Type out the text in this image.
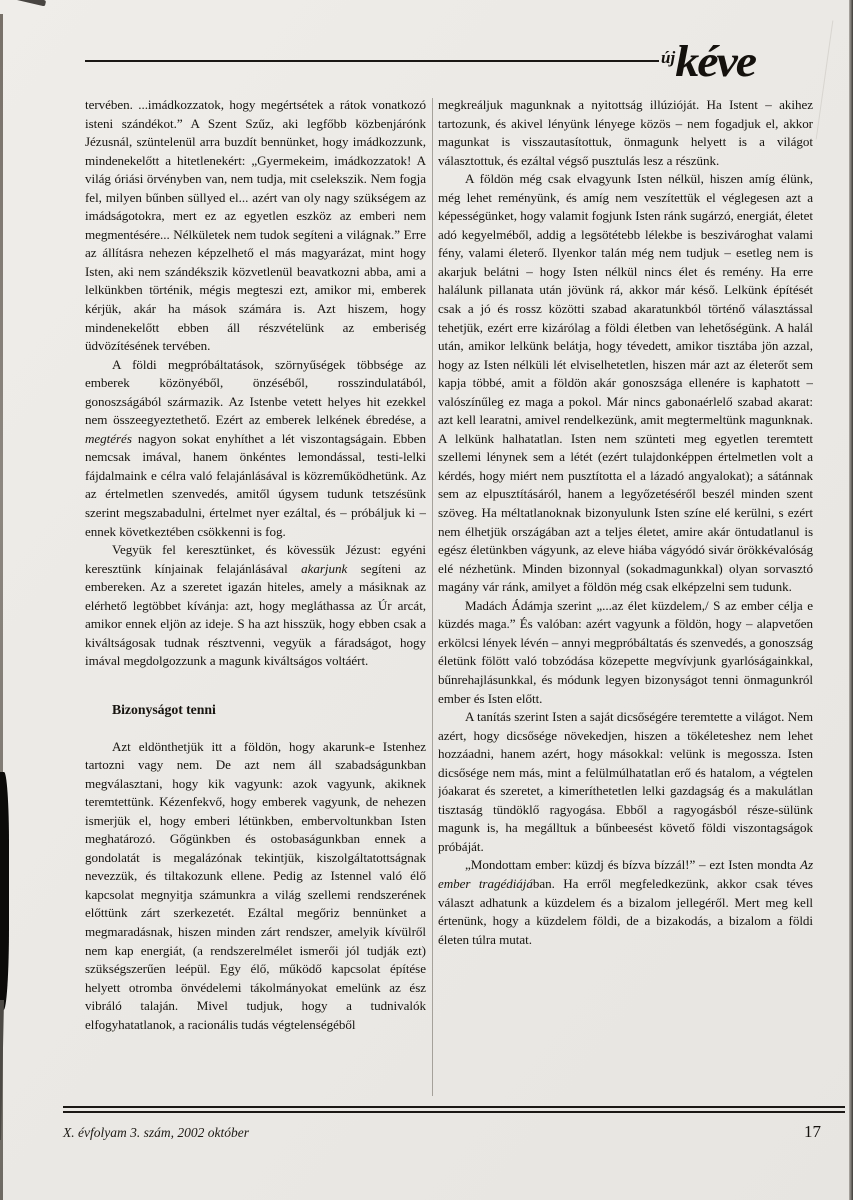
újkéve

tervében. ...imádkozzatok, hogy megértsétek a rátok vonatkozó isteni szándékot.” A Szent Szűz, aki legfőbb közbenjárónk Jézusnál, szüntelenül arra buzdít bennünket, hogy imádkozzunk, mindenekelőtt a hitetlenekért: „Gyermekeim, imádkozzatok! A világ óriási örvényben van, nem tudja, mit cselekszik. Nem fogja fel, milyen bűnben süllyed el... azért van oly nagy szükségem az imádságotokra, mert ez az egyetlen eszköz az emberi nem megmentésére... Nélkületek nem tudok segíteni a világnak.” Erre az állításra nehezen képzelhető el más magyarázat, mint hogy Isten, aki nem szándékszik közvetlenül beavatkozni abba, ami a lelkünkben történik, mégis megteszi ezt, amikor mi, emberek kérjük, akár ha mások számára is. Azt hiszem, hogy mindenekelőtt ebben áll részvételünk az emberiség üdvözítésének tervében.

A földi megpróbáltatások, szörnyűségek többsége az emberek közönyéből, önzéséből, rosszindulatából, gonoszságából származik. Az Istenbe vetett helyes hit ezekkel nem összeegyeztethető. Ezért az emberek lelkének ébredése, a megtérés nagyon sokat enyhíthet a lét viszontagságain. Ebben nemcsak imával, hanem önkéntes lemondással, testi-lelki fájdalmaink e célra való felajánlásával is közreműködhetünk. Az az értelmetlen szenvedés, amitől úgysem tudunk tetszésünk szerint megszabadulni, értelmet nyer ezáltal, és – próbáljuk ki – ennek következtében csökkenni is fog.

Vegyük fel keresztünket, és kövessük Jézust: egyéni keresztünk kínjainak felajánlásával akarjunk segíteni az embereken. Az a szeretet igazán hiteles, amely a másiknak az elérhető legtöbbet kívánja: azt, hogy megláthassa az Úr arcát, amikor ennek eljön az ideje. S ha azt hisszük, hogy ebben csak a kiváltságosak tudnak résztvenni, vegyük a fáradságot, hogy imával megdolgozzunk a magunk kiváltságos voltáért.

Bizonyságot tenni

Azt eldönthetjük itt a földön, hogy akarunk-e Istenhez tartozni vagy nem. De azt nem áll szabadságunkban megválasztani, hogy kik vagyunk: azok vagyunk, akiknek teremtettünk. Kézenfekvő, hogy emberek vagyunk, de nehezen ismerjük el, hogy emberi létünkben, embervoltunkban Isten meghatározó. Gőgünkben és ostobaságunkban ennek a gondolatát is megalázónak tekintjük, kiszolgáltatottságnak nevezzük, és tiltakozunk ellene. Pedig az Istennel való élő kapcsolat megnyitja számunkra a világ szellemi rendszerének előttünk zárt szerkezetét. Ezáltal megőriz bennünket a megmaradásnak, hiszen minden zárt rendszer, amelyik kívülről nem kap energiát, (a rendszerelmélet ismerői jól tudják ezt) szükségszerűen leépül. Egy élő, működő kapcsolat építése helyett otromba önvédelemi tákolmányokat emelünk az ész vibráló talaján. Mivel tudjuk, hogy a tudnivalók elfogyhatatlanok, a racionális tudás végtelenségéből

megkreáljuk magunknak a nyitottság illúzióját. Ha Istent – akihez tartozunk, és akivel lényünk lényege közös – nem fogadjuk el, akkor magunkat is visszautasítottuk, önmagunk helyett is a világot választottuk, és ezáltal végső pusztulás lesz a részünk.

A földön még csak elvagyunk Isten nélkül, hiszen amíg élünk, még lehet reményünk, és amíg nem veszítettük el véglegesen azt a képességünket, hogy valamit fogjunk Isten ránk sugárzó, energiát, életet adó kegyelméből, addig a legsötétebb lélekbe is beszivároghat valami fény, valami életerő. Ilyenkor talán még nem tudjuk – esetleg nem is akarjuk belátni – hogy Isten nélkül nincs élet és remény. Ha erre halálunk pillanata után jövünk rá, akkor már késő. Lelkünk építését csak a jó és rossz közötti szabad akaratunkból történő választással tehetjük, ezért erre kizárólag a földi életben van lehetőségünk. A halál után, amikor lelkünk belátja, hogy tévedett, amikor tisztába jön azzal, hogy az Isten nélküli lét elviselhetetlen, hiszen már azt az életerőt sem kapja többé, amit a földön akár gonoszsága ellenére is kaphatott – valószínűleg ez maga a pokol. Már nincs gabonaérlelő szabad akarat: azt kell learatni, amivel rendelkezünk, amit megtermeltünk magunknak. A lelkünk halhatatlan. Isten nem szünteti meg egyetlen teremtett szellemi lénynek sem a létét (ezért tulajdonképpen értelmetlen volt a kérdés, hogy miért nem pusztította el a lázadó angyalokat); a sátánnak sem az elpusztításáról, hanem a legyőzetéséről beszél minden szent szöveg. Ha méltatlanoknak bizonyulunk Isten színe elé kerülni, s ezért nem élhetjük országában azt a teljes életet, amire akár öntudatlanul is egész életünkben vágyunk, az eleve hiába vágyódó sivár örökkévalóság elé nézhetünk. Minden bizonnyal (sokadmagunkkal) olyan sorvasztó magány vár ránk, amilyet a földön még csak elképzelni sem tudunk.

Madách Ádámja szerint „...az élet küzdelem,/ S az ember célja e küzdés maga.” És valóban: azért vagyunk a földön, hogy – alapvetően erkölcsi lények lévén – annyi megpróbáltatás és szenvedés, a gonoszság életünk fölött való tobzódása közepette megvívjunk gyarlóságainkkal, bűnrehajlásunkkal, és módunk legyen bizonyságot tenni önmagunkról ember és Isten előtt.

A tanítás szerint Isten a saját dicsőségére teremtette a világot. Nem azért, hogy dicsősége növekedjen, hiszen a tökéleteshez nem lehet hozzáadni, hanem azért, hogy másokkal: velünk is megossza. Isten dicsősége nem más, mint a felülmúlhatatlan erő és hatalom, a végtelen jóakarat és szeretet, a kimeríthetetlen lelki gazdagság és a makulátlan tisztaság tündöklő ragyogása. Ebből a ragyogásból része-sülünk magunk is, ha megálltuk a bűnbeesést követő földi viszontagságok próbáját.

„Mondottam ember: küzdj és bízva bízzál!” – ezt Isten mondta Az ember tragédiájában. Ha erről megfeledkezünk, akkor csak téves választ adhatunk a küzdelem és a bizalom jellegéről. Mert meg kell értenünk, hogy a küzdelem földi, de a bizakodás, a bizalom a földi életen túlra mutat.

X. évfolyam 3. szám, 2002 október	17
